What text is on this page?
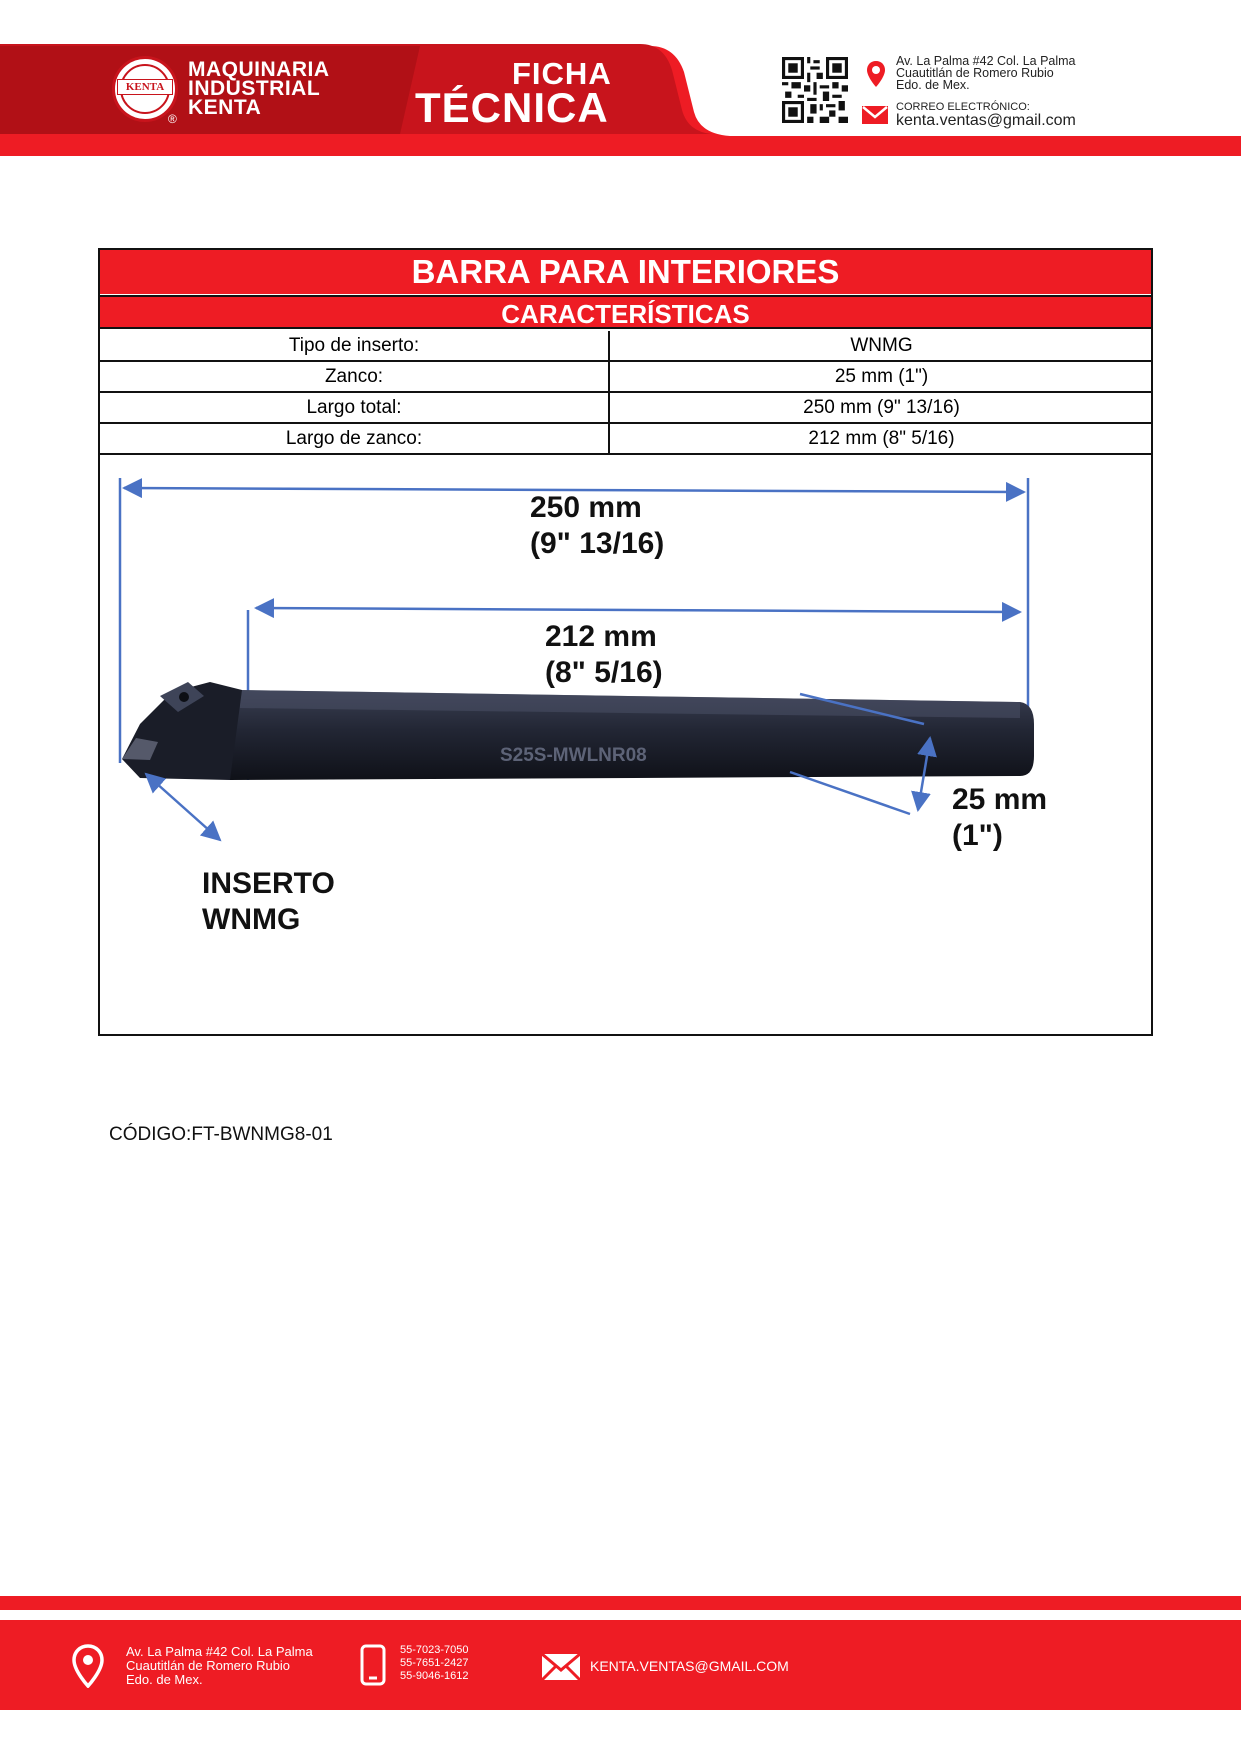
KENTA
®
MAQUINARIA
INDUSTRIAL
KENTA
FICHA
TÉCNICA
Av. La Palma #42 Col. La Palma
Cuautitlán de Romero Rubio
Edo. de Mex.
CORREO ELECTRÓNICO:
kenta.ventas@gmail.com
BARRA PARA INTERIORES
CARACTERÍSTICAS
Tipo de inserto:	WNMG
Zanco:	25 mm (1")
Largo total:	250 mm (9" 13/16)
Largo de zanco:	212 mm (8" 5/16)
S25S-MWLNR08
250 mm
(9" 13/16)
212 mm
(8" 5/16)
25 mm
(1")
INSERTO
WNMG
CÓDIGO:FT-BWNMG8-01
Av. La Palma #42 Col. La Palma
Cuautitlán de Romero Rubio
Edo. de Mex.
55-7023-7050
55-7651-2427
55-9046-1612
KENTA.VENTAS@GMAIL.COM
